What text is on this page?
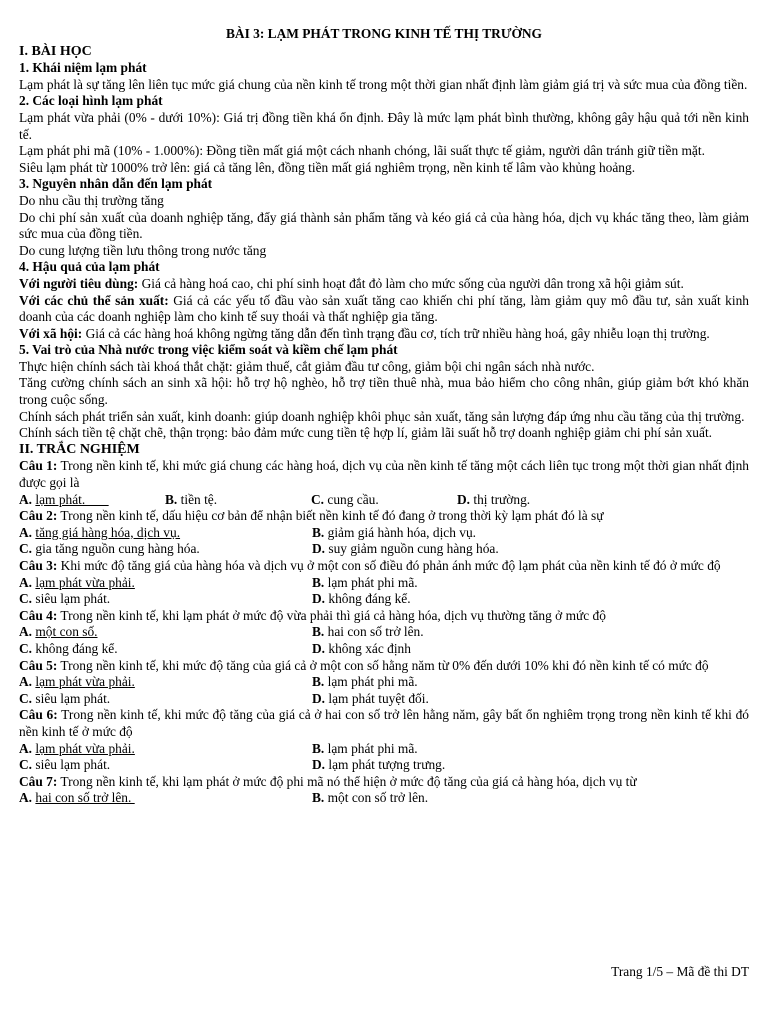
BÀI 3: LẠM PHÁT TRONG KINH TẾ THỊ TRƯỜNG
I. BÀI HỌC
1. Khái niệm lạm phát

Lạm phát là sự tăng lên liên tục mức giá chung của nền kinh tế trong một thời gian nhất định làm giảm giá trị và sức mua của đồng tiền.

2. Các loại hình lạm phát

Lạm phát vừa phải (0% - dưới 10%): Giá trị đồng tiền khá ổn định. Đây là mức lạm phát bình thường, không gây hậu quả tới nền kinh tế.

Lạm phát phi mã (10% - 1.000%): Đồng tiền mất giá một cách nhanh chóng, lãi suất thực tế giảm, người dân tránh giữ tiền mặt.

Siêu lạm phát từ 1000% trở lên: giá cả tăng lên, đồng tiền mất giá nghiêm trọng, nền kinh tế lâm vào khủng hoảng.

3. Nguyên nhân dẫn đến lạm phát

Do nhu cầu thị trường tăng

Do chi phí sản xuất của doanh nghiệp tăng, đẩy giá thành sản phẩm tăng và kéo giá cả của hàng hóa, dịch vụ khác tăng theo, làm giảm sức mua của đồng tiền.

Do cung lượng tiền lưu thông trong nước tăng

4. Hậu quả của lạm phát

Với người tiêu dùng: Giá cả hàng hoá cao, chi phí sinh hoạt đắt đỏ làm cho mức sống của người dân trong xã hội giảm sút.

Với các chủ thể sản xuất: Giá cả các yếu tố đầu vào sản xuất tăng cao khiến chi phí tăng, làm giảm quy mô đầu tư, sản xuất kinh doanh của các doanh nghiệp làm cho kinh tế suy thoái và thất nghiệp gia tăng.

Với xã hội: Giá cả các hàng hoá không ngừng tăng dẫn đến tình trạng đầu cơ, tích trữ nhiều hàng hoá, gây nhiễu loạn thị trường.

5. Vai trò của Nhà nước trong việc kiểm soát và kiềm chế lạm phát

Thực hiện chính sách tài khoá thắt chặt: giảm thuế, cắt giảm đầu tư công, giảm bội chi ngân sách nhà nước.

Tăng cường chính sách an sinh xã hội: hỗ trợ hộ nghèo, hỗ trợ tiền thuê nhà, mua bảo hiểm cho công nhân, giúp giảm bớt khó khăn trong cuộc sống.

Chính sách phát triển sản xuất, kinh doanh: giúp doanh nghiệp khôi phục sản xuất, tăng sản lượng đáp ứng nhu cầu tăng của thị trường.

Chính sách tiền tệ chặt chẽ, thận trọng: bảo đảm mức cung tiền tệ hợp lí, giảm lãi suất hỗ trợ doanh nghiệp giảm chi phí sản xuất.

II. TRẮC NGHIỆM

Câu 1: Trong nền kinh tế, khi mức giá chung các hàng hoá, dịch vụ của nền kinh tế tăng một cách liên tục trong một thời gian nhất định được gọi là

A. lạm phát.	B. tiền tệ.	C. cung cầu.	D. thị trường.

Câu 2: Trong nền kinh tế, dấu hiệu cơ bản để nhận biết nền kinh tế đó đang ở trong thời kỳ lạm phát đó là sự

A. tăng giá hàng hóa, dịch vụ.	B. giảm giá hành hóa, dịch vụ.
C. gia tăng nguồn cung hàng hóa.	D. suy giảm nguồn cung hàng hóa.

Câu 3: Khi mức độ tăng giá của hàng hóa và dịch vụ ở một con số điều đó phản ánh mức độ lạm phát của nền kinh tế đó ở mức độ

A. lạm phát vừa phải.	B. lạm phát phi mã.
C. siêu lạm phát.	D. không đáng kể.

Câu 4: Trong nền kinh tế, khi lạm phát ở mức độ vừa phải thì giá cả hàng hóa, dịch vụ thường tăng ở mức độ

A. một con số.	B. hai con số trở lên.
C. không đáng kể.	D. không xác định

Câu 5: Trong nền kinh tế, khi mức độ tăng của giá cả ở một con số hằng năm từ 0% đến dưới 10% khi đó nền kinh tế có mức độ

A. lạm phát vừa phải.	B. lạm phát phi mã.
C. siêu lạm phát.	D. lạm phát tuyệt đối.

Câu 6: Trong nền kinh tế, khi mức độ tăng của giá cả ở hai con số trở lên hằng năm, gây bất ổn nghiêm trọng trong nền kinh tế khi đó nền kinh tế ở mức độ

A. lạm phát vừa phải.	B. lạm phát phi mã.
C. siêu lạm phát.	D. lạm phát tượng trưng.

Câu 7: Trong nền kinh tế, khi lạm phát ở mức độ phi mã nó thể hiện ở mức độ tăng của giá cả hàng hóa, dịch vụ từ

A. hai con số trở lên.	B. một con số trở lên.
Trang 1/5 – Mã đề thi DT
